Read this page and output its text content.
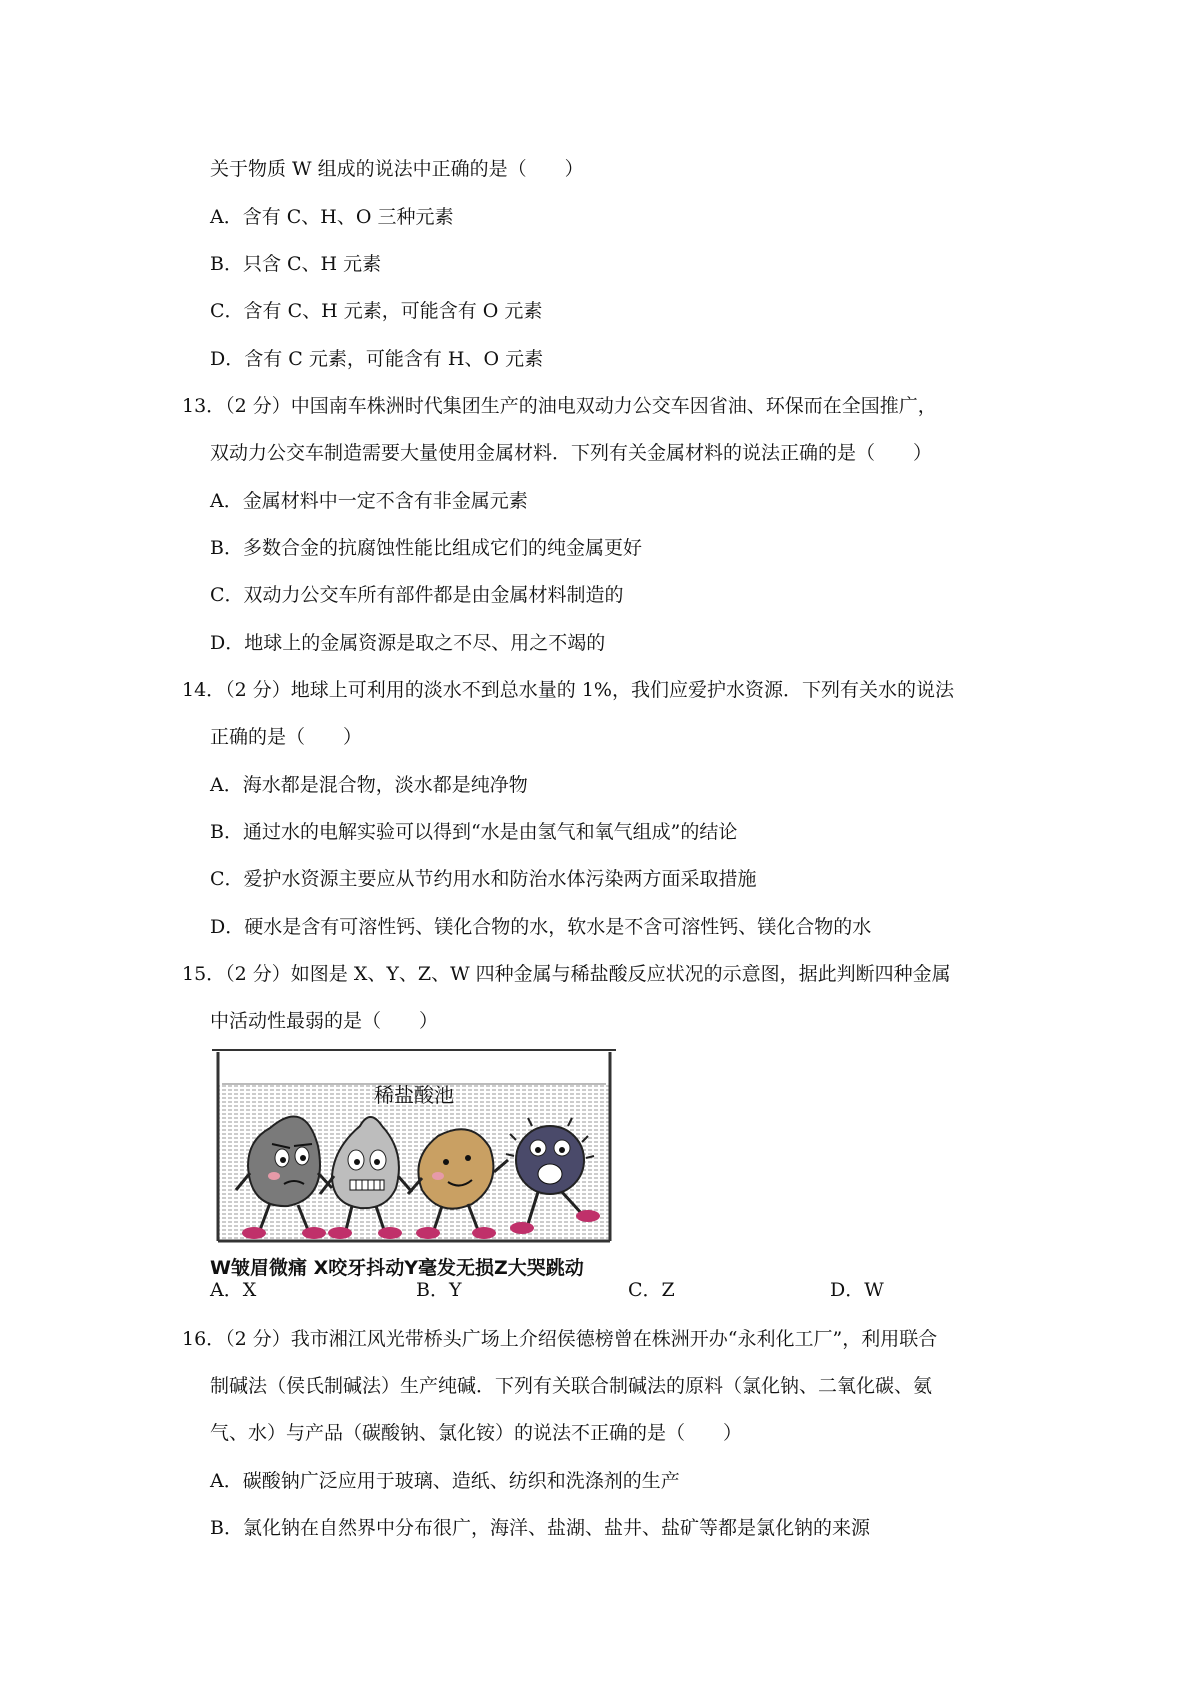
关于物质 W 组成的说法中正确的是（　　）
A．含有 C、H、O 三种元素
B．只含 C、H 元素
C．含有 C、H 元素，可能含有 O 元素
D．含有 C 元素，可能含有 H、O 元素
13．（2 分）中国南车株洲时代集团生产的油电双动力公交车因省油、环保而在全国推广，
双动力公交车制造需要大量使用金属材料．下列有关金属材料的说法正确的是（　　）
A．金属材料中一定不含有非金属元素
B．多数合金的抗腐蚀性能比组成它们的纯金属更好
C．双动力公交车所有部件都是由金属材料制造的
D．地球上的金属资源是取之不尽、用之不竭的
14．（2 分）地球上可利用的淡水不到总水量的 1%，我们应爱护水资源．下列有关水的说法
正确的是（　　）
A．海水都是混合物，淡水都是纯净物
B．通过水的电解实验可以得到“水是由氢气和氧气组成”的结论
C．爱护水资源主要应从节约用水和防治水体污染两方面采取措施
D．硬水是含有可溶性钙、镁化合物的水，软水是不含可溶性钙、镁化合物的水
15．（2 分）如图是 X、Y、Z、W 四种金属与稀盐酸反应状况的示意图，据此判断四种金属
中活动性最弱的是（　　）
稀盐酸池
W皱眉微痛 X咬牙抖动Y毫发无损Z大哭跳动
A．X	B．Y	C．Z	D．W
16．（2 分）我市湘江风光带桥头广场上介绍侯德榜曾在株洲开办“永利化工厂”，利用联合
制碱法（侯氏制碱法）生产纯碱．下列有关联合制碱法的原料（氯化钠、二氧化碳、氨
气、水）与产品（碳酸钠、氯化铵）的说法不正确的是（　　）
A．碳酸钠广泛应用于玻璃、造纸、纺织和洗涤剂的生产
B．氯化钠在自然界中分布很广，海洋、盐湖、盐井、盐矿等都是氯化钠的来源
